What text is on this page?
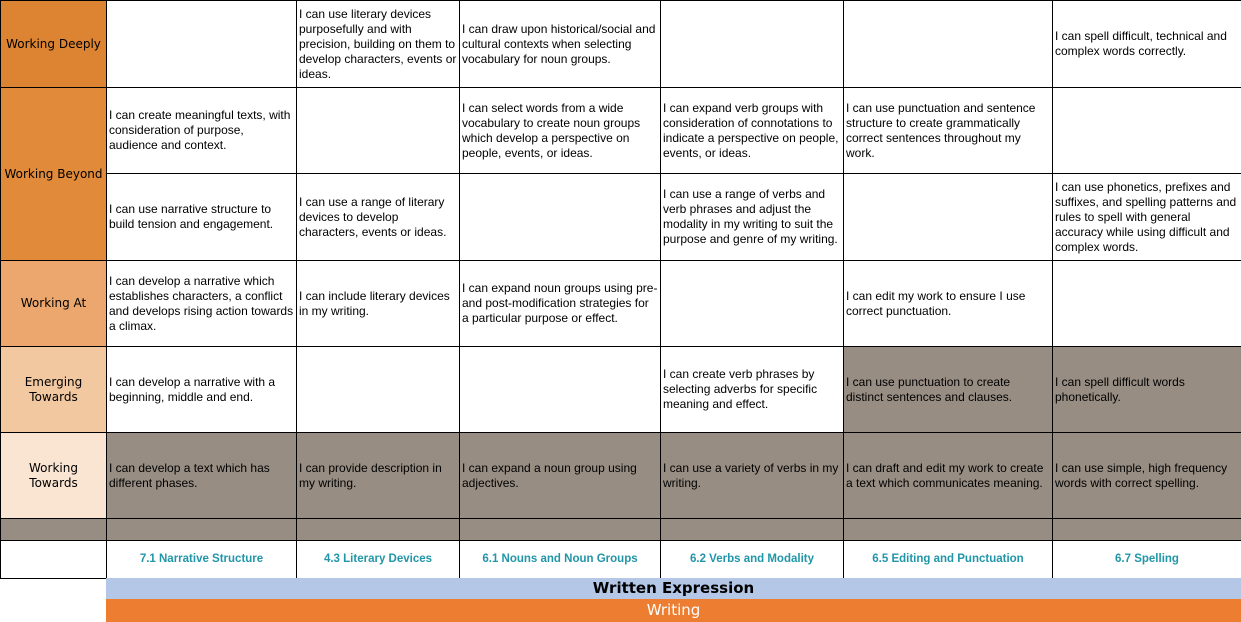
Working Deeply		I can use literary devices purposefully and with precision, building on them to develop characters, events or ideas.	I can draw upon historical/social and cultural contexts when selecting vocabulary for noun groups.			I can spell difficult, technical and complex words correctly.
Working Beyond	I can create meaningful texts, with consideration of purpose, audience and context.		I can select words from a wide vocabulary to create noun groups which develop a perspective on people, events, or ideas.	I can expand verb groups with consideration of connotations to indicate a perspective on people, events, or ideas.	I can use punctuation and sentence structure to create grammatically correct sentences throughout my work.	
	I can use narrative structure to build tension and engagement.	I can use a range of literary devices to develop characters, events or ideas.		I can use a range of verbs and verb phrases and adjust the modality in my writing to suit the purpose and genre of my writing.		I can use phonetics, prefixes and suffixes, and spelling patterns and rules to spell with general accuracy while using difficult and complex words.
Working At	I can develop a narrative which establishes characters, a conflict and develops rising action towards a climax.	I can include literary devices in my writing.	I can expand noun groups using pre- and post-modification strategies for a particular purpose or effect.		I can edit my work to ensure I use correct punctuation.	
Emerging Towards	I can develop a narrative with a beginning, middle and end.			I can create verb phrases by selecting adverbs for specific meaning and effect.	I can use punctuation to create distinct sentences and clauses.	I can spell difficult words phonetically.
Working Towards	I can develop a text which has different phases.	I can provide description in my writing.	I can expand a noun group using adjectives.	I can use a variety of verbs in my writing.	I can draft and edit my work to create a text which communicates meaning.	I can use simple, high frequency words with correct spelling.

	7.1 Narrative Structure	4.3 Literary Devices	6.1 Nouns and Noun Groups	6.2 Verbs and Modality	6.5 Editing and Punctuation	6.7 Spelling
Written Expression
Writing
